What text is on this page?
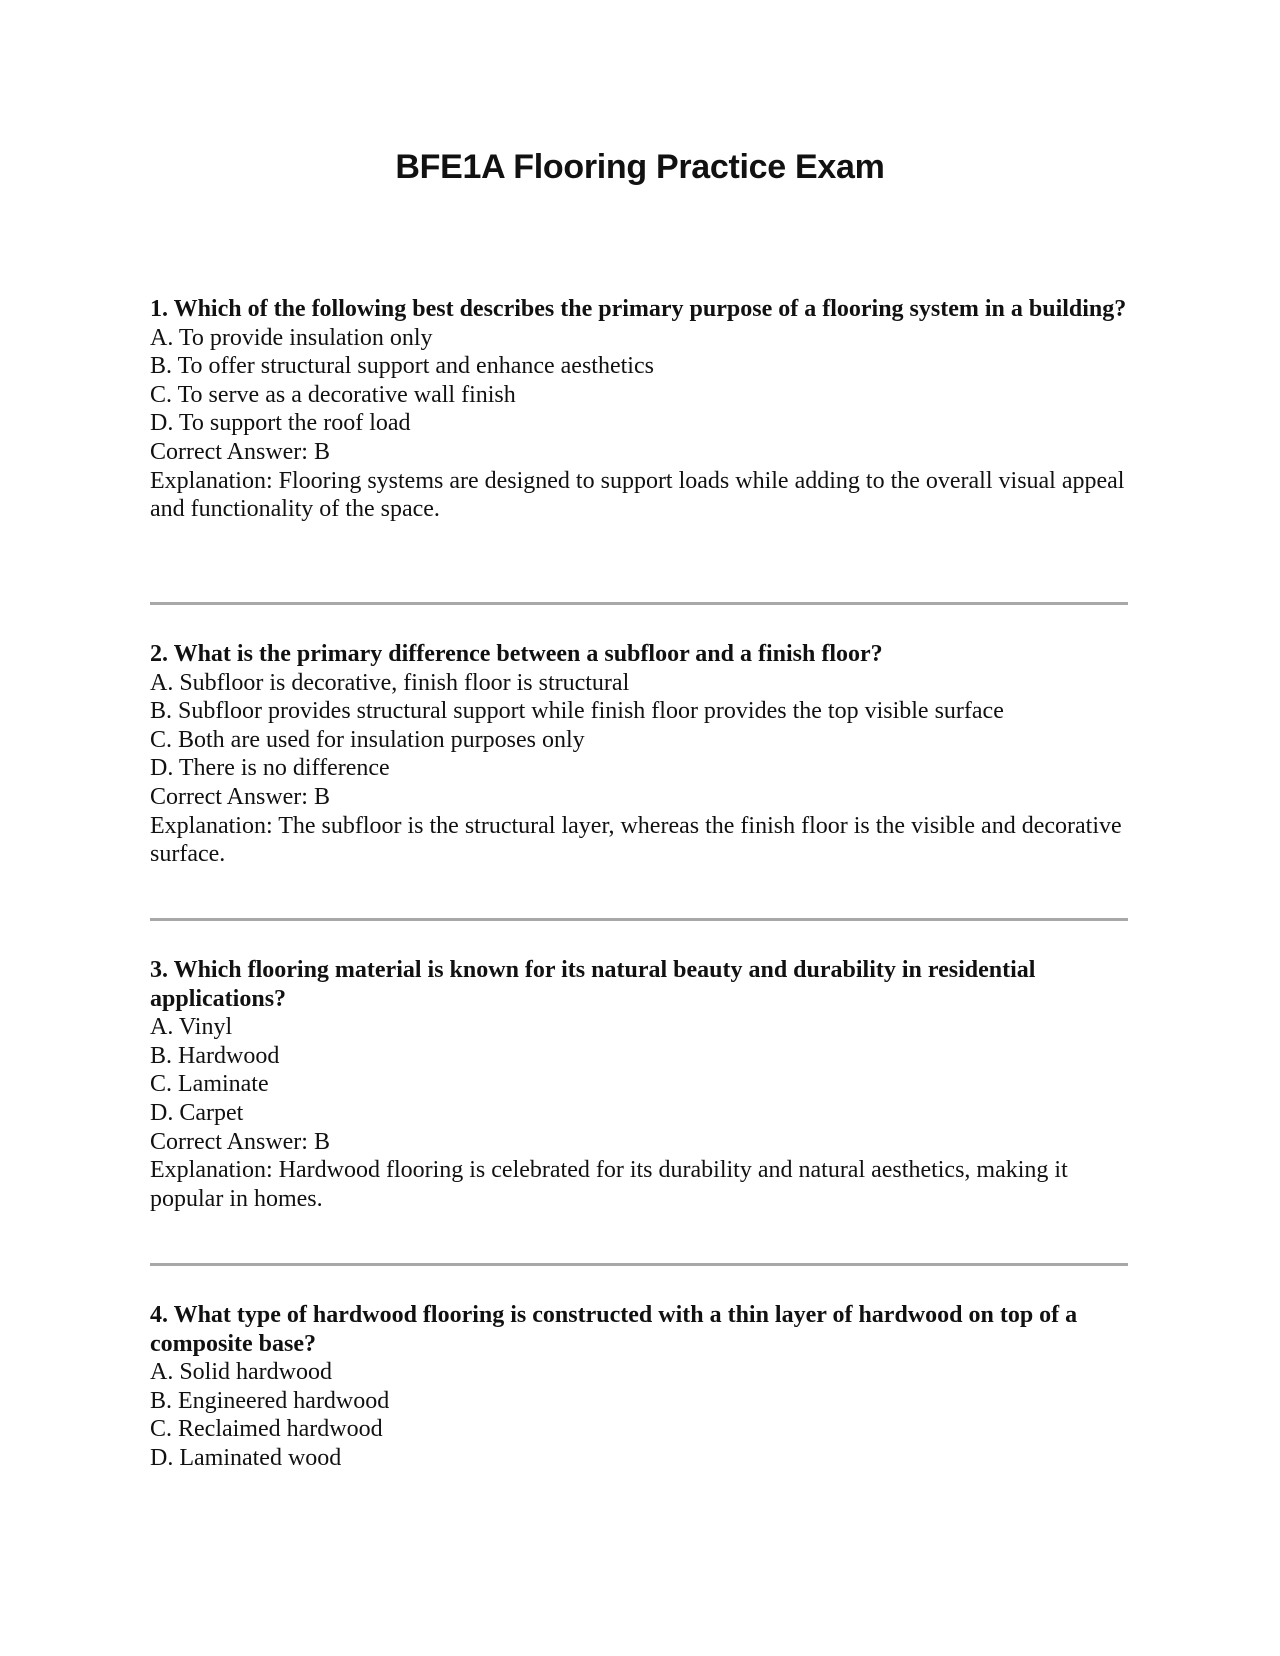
BFE1A Flooring Practice Exam

1. Which of the following best describes the primary purpose of a flooring system in a building?

A. To provide insulation only

B. To offer structural support and enhance aesthetics

C. To serve as a decorative wall finish

D. To support the roof load

Correct Answer: B

Explanation: Flooring systems are designed to support loads while adding to the overall visual appeal and functionality of the space.

2. What is the primary difference between a subfloor and a finish floor?

A. Subfloor is decorative, finish floor is structural

B. Subfloor provides structural support while finish floor provides the top visible surface

C. Both are used for insulation purposes only

D. There is no difference

Correct Answer: B

Explanation: The subfloor is the structural layer, whereas the finish floor is the visible and decorative surface.

3. Which flooring material is known for its natural beauty and durability in residential applications?

A. Vinyl

B. Hardwood

C. Laminate

D. Carpet

Correct Answer: B

Explanation: Hardwood flooring is celebrated for its durability and natural aesthetics, making it popular in homes.

4. What type of hardwood flooring is constructed with a thin layer of hardwood on top of a composite base?

A. Solid hardwood

B. Engineered hardwood

C. Reclaimed hardwood

D. Laminated wood
